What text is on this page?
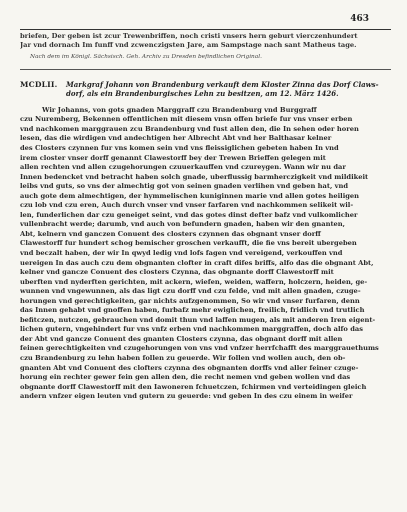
463
briefen, Der geben ist zcur Trewenbriffen, noch cristi vnsers hern geburt vierczenhundert
Jar vnd dornach Im funff vnd zcwenczigsten Jare, am Sampstage nach sant Matheus tage.
Nach dem im Königl. Sächsisch. Geh. Archiv zu Dresden befindlichen Original.
MCDLII.	Markgraf Johann von Brandenburg verkauft dem Kloster Zinna das Dorf Claws-
dorf, als ein Brandenburgisches Lehn zu besitzen, am 12. März 1426.
Wir Johanns, von gots gnaden Marggraff czu Brandenburg vnd Burggraff
czu Nuremberg, Bekennen offentlichen mit diesem vnsn offen briefe fur vns vnser erben
vnd nachkomen marggrauen zcu Brandenburg vnd fust allen den, die In sehen oder horen
lesen, das die wirdigen vnd andechtigen her Albrecht Abt vnd her Balthasar kelner
des Closters czynnen fur vns komen sein vnd vns fleissiglichen gebeten haben In vnd
irem closter vnser dorff genannt Clawestorff bey der Trewen Brieffen gelegen mit
allen rechten vnd allen czugehorungen czuuerkauffen vnd czureygen. Wann wir nu dar
Innen bedencket vnd betracht haben solch gnade, uberflussig barmherczigkeit vnd mildikeit
leibs vnd guts, so vns der almechtig got von seinen gnaden verlihen vnd geben hat, vnd
auch gote dem almechtigen, der hymmelischen kuniginnen marie vnd allen gotes heiligen
czu lob vnd czu eren, Auch durch vnser vnd vnser farfaren vnd nachkommen selikeit wil-
len, funderlichen dar czu geneiget seint, vnd das gotes dinst defter bafz vnd vulkomlicher
vullenbracht werde; darumb, vnd auch von befundern gnaden, haben wir den gnanten,
Abt, kelnern vnd ganczen Conuent des closters czynnen das obgnant vnser dorff
Clawestorff fur hundert schog bemischer groschen verkaufft, die fie vns bereit ubergeben
vnd beczalt haben, der wir In qwyd ledig vnd lofs fagen vnd vereigend, verkouffen vnd
uereigen In das auch czu dem obgnanten clofter in craft difes briffs, alfo das die obgnant Abt,
kelner vnd gancze Conuent des closters Czynna, das obgnante dorff Clawestorff mit
uberften vnd nyderften gerichten, mit ackern, wiefen, weiden, waffern, holczern, heiden, ge-
wunnen vnd vngewunnen, als das ligt czu dorff vnd czu felde, vnd mit allen gnaden, czuge-
horungen vnd gerechtigkeiten, gar nichts aufzgenommen, So wir vnd vnser furfaren, denn
das Innen gehabt vnd gnoffen haben, furbafz mehr ewiglichen, freilich, fridlich vnd trutlich
befitczen, nutczen, gebrauchen vnd domit thun vnd laffen mugen, als mit anderen Iren eigent-
lichen gutern, vngehindert fur vns vnfz erben vnd nachkommen marggraffen, doch alfo das
der Abt vnd gancze Conuent des gnanten Closters czynna, das obgnant dorff mit allen
feinen gerechtigkeiten vnd czugehorungen von vns vnd vnfzer herrfchafft des marggrauethums
czu Brandenburg zu lehn haben follen zu geuerde. Wir follen vnd wollen auch, den ob-
gnanten Abt vnd Conuent des clofters czynna des obgnanten dorffs vnd aller feiner czuge-
horung ein rechter gewer fein gen allen den, die recht nemen vnd geben wollen vnd das
obgnante dorff Clawestorff mit den Iawoneren fchuetczen, fchirmen vnd verteidingen gleich
andern vnfzer eigen leuten vnd gutern zu geuerde: vnd geben In des czu einem in weifer
